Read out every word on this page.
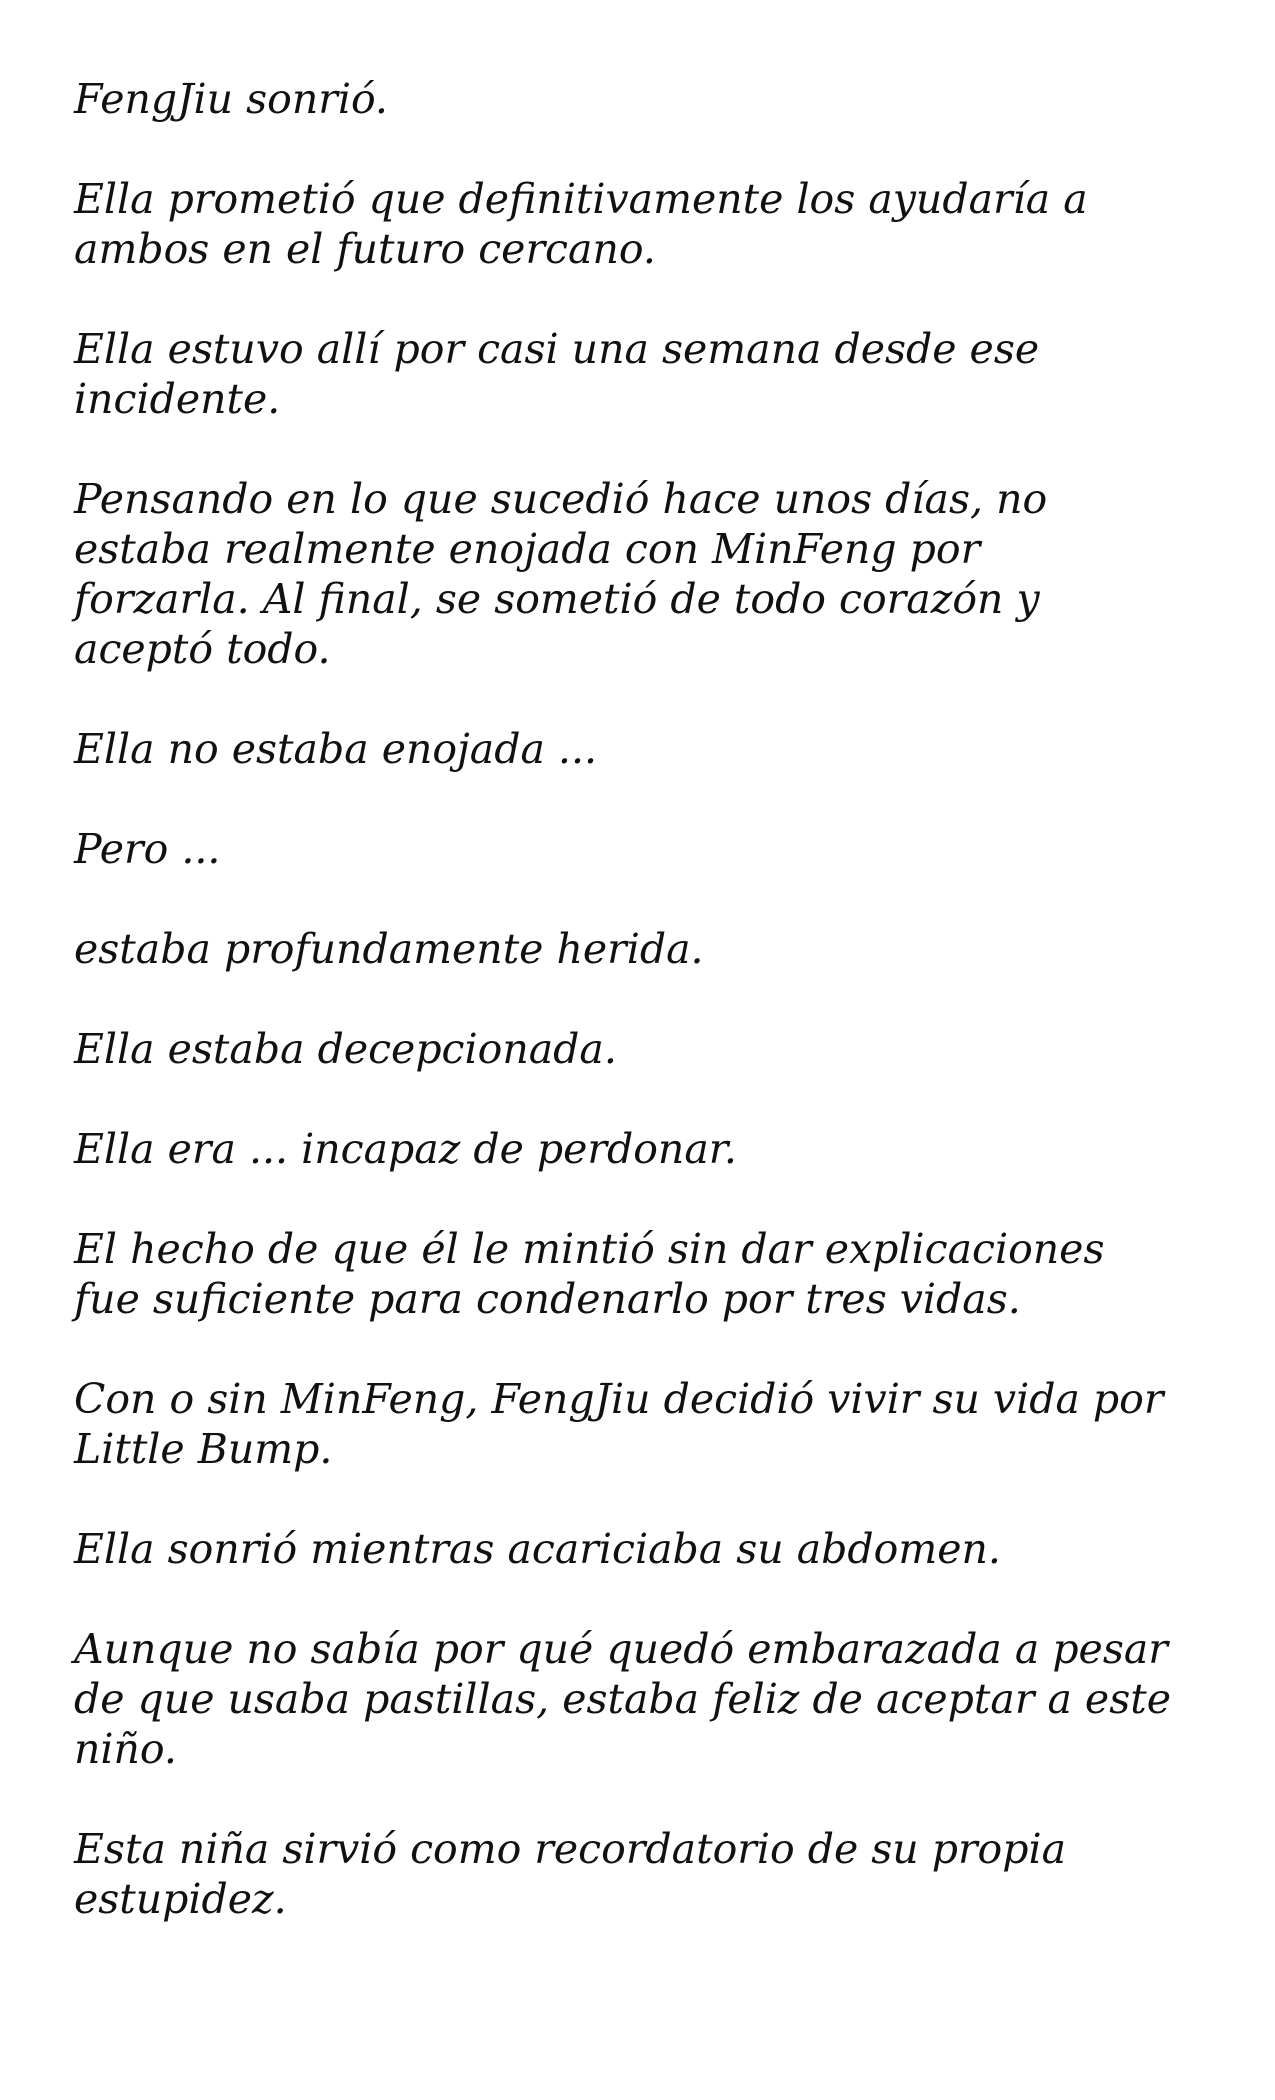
FengJiu sonrió.

Ella prometió que definitivamente los ayudaría a
ambos en el futuro cercano.

Ella estuvo allí por casi una semana desde ese
incidente.

Pensando en lo que sucedió hace unos días, no
estaba realmente enojada con MinFeng por
forzarla. Al final, se sometió de todo corazón y
aceptó todo.

Ella no estaba enojada ...

Pero ...

estaba profundamente herida.

Ella estaba decepcionada.

Ella era ... incapaz de perdonar.

El hecho de que él le mintió sin dar explicaciones
fue suficiente para condenarlo por tres vidas.

Con o sin MinFeng, FengJiu decidió vivir su vida por
Little Bump.

Ella sonrió mientras acariciaba su abdomen.

Aunque no sabía por qué quedó embarazada a pesar
de que usaba pastillas, estaba feliz de aceptar a este
niño.

Esta niña sirvió como recordatorio de su propia
estupidez.
